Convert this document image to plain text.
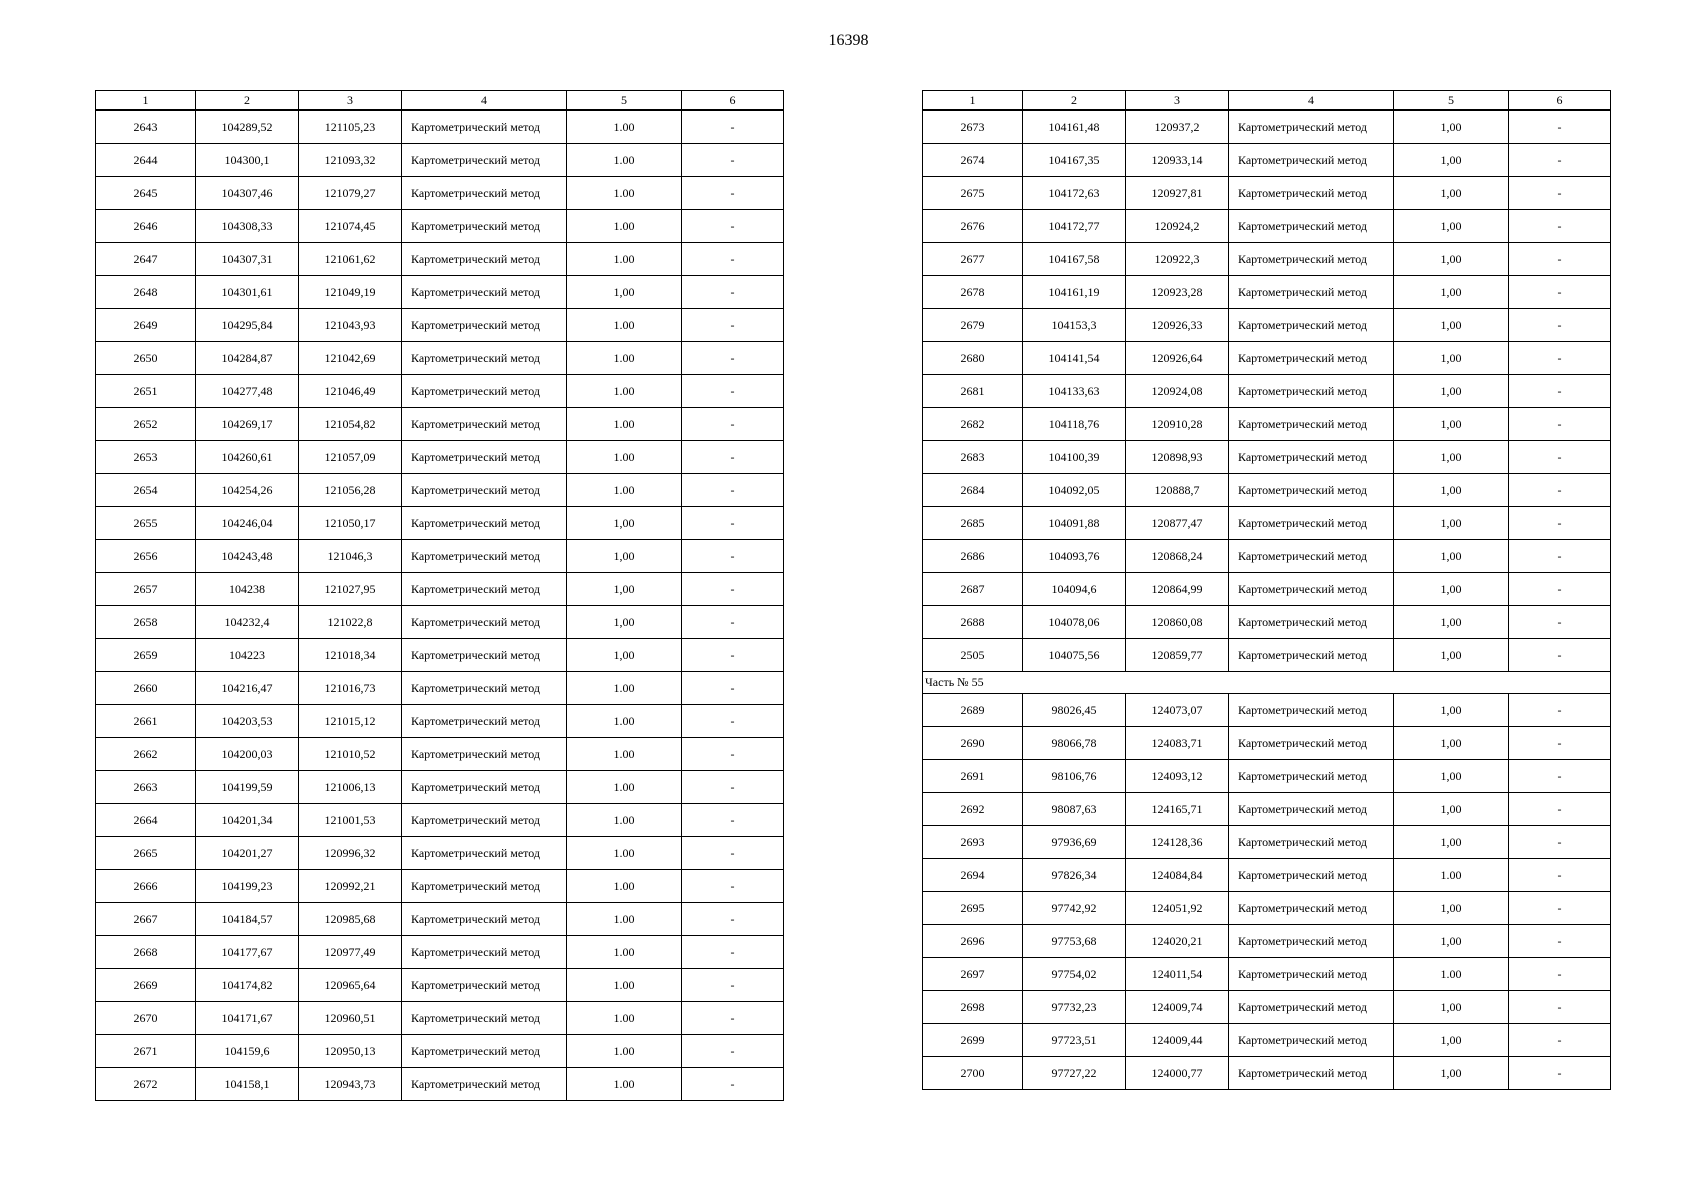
16398
1	2	3	4	5	6
2643	104289,52	121105,23	Картометрический метод	1.00	-
2644	104300,1	121093,32	Картометрический метод	1.00	-
2645	104307,46	121079,27	Картометрический метод	1.00	-
2646	104308,33	121074,45	Картометрический метод	1.00	-
2647	104307,31	121061,62	Картометрический метод	1.00	-
2648	104301,61	121049,19	Картометрический метод	1,00	-
2649	104295,84	121043,93	Картометрический метод	1.00	-
2650	104284,87	121042,69	Картометрический метод	1.00	-
2651	104277,48	121046,49	Картометрический метод	1.00	-
2652	104269,17	121054,82	Картометрический метод	1.00	-
2653	104260,61	121057,09	Картометрический метод	1.00	-
2654	104254,26	121056,28	Картометрический метод	1.00	-
2655	104246,04	121050,17	Картометрический метод	1,00	-
2656	104243,48	121046,3	Картометрический метод	1,00	-
2657	104238	121027,95	Картометрический метод	1,00	-
2658	104232,4	121022,8	Картометрический метод	1,00	-
2659	104223	121018,34	Картометрический метод	1,00	-
2660	104216,47	121016,73	Картометрический метод	1.00	-
2661	104203,53	121015,12	Картометрический метод	1.00	-
2662	104200,03	121010,52	Картометрический метод	1.00	-
2663	104199,59	121006,13	Картометрический метод	1.00	-
2664	104201,34	121001,53	Картометрический метод	1.00	-
2665	104201,27	120996,32	Картометрический метод	1.00	-
2666	104199,23	120992,21	Картометрический метод	1.00	-
2667	104184,57	120985,68	Картометрический метод	1.00	-
2668	104177,67	120977,49	Картометрический метод	1.00	-
2669	104174,82	120965,64	Картометрический метод	1.00	-
2670	104171,67	120960,51	Картометрический метод	1.00	-
2671	104159,6	120950,13	Картометрический метод	1.00	-
2672	104158,1	120943,73	Картометрический метод	1.00	-
1	2	3	4	5	6
2673	104161,48	120937,2	Картометрический метод	1,00	-
2674	104167,35	120933,14	Картометрический метод	1,00	-
2675	104172,63	120927,81	Картометрический метод	1,00	-
2676	104172,77	120924,2	Картометрический метод	1,00	-
2677	104167,58	120922,3	Картометрический метод	1,00	-
2678	104161,19	120923,28	Картометрический метод	1,00	-
2679	104153,3	120926,33	Картометрический метод	1,00	-
2680	104141,54	120926,64	Картометрический метод	1,00	-
2681	104133,63	120924,08	Картометрический метод	1,00	-
2682	104118,76	120910,28	Картометрический метод	1,00	-
2683	104100,39	120898,93	Картометрический метод	1,00	-
2684	104092,05	120888,7	Картометрический метод	1,00	-
2685	104091,88	120877,47	Картометрический метод	1,00	-
2686	104093,76	120868,24	Картометрический метод	1,00	-
2687	104094,6	120864,99	Картометрический метод	1,00	-
2688	104078,06	120860,08	Картометрический метод	1,00	-
2505	104075,56	120859,77	Картометрический метод	1,00	-
Часть № 55					
2689	98026,45	124073,07	Картометрический метод	1,00	-
2690	98066,78	124083,71	Картометрический метод	1,00	-
2691	98106,76	124093,12	Картометрический метод	1,00	-
2692	98087,63	124165,71	Картометрический метод	1,00	-
2693	97936,69	124128,36	Картометрический метод	1,00	-
2694	97826,34	124084,84	Картометрический метод	1.00	-
2695	97742,92	124051,92	Картометрический метод	1,00	-
2696	97753,68	124020,21	Картометрический метод	1,00	-
2697	97754,02	124011,54	Картометрический метод	1.00	-
2698	97732,23	124009,74	Картометрический метод	1,00	-
2699	97723,51	124009,44	Картометрический метод	1,00	-
2700	97727,22	124000,77	Картометрический метод	1,00	-
